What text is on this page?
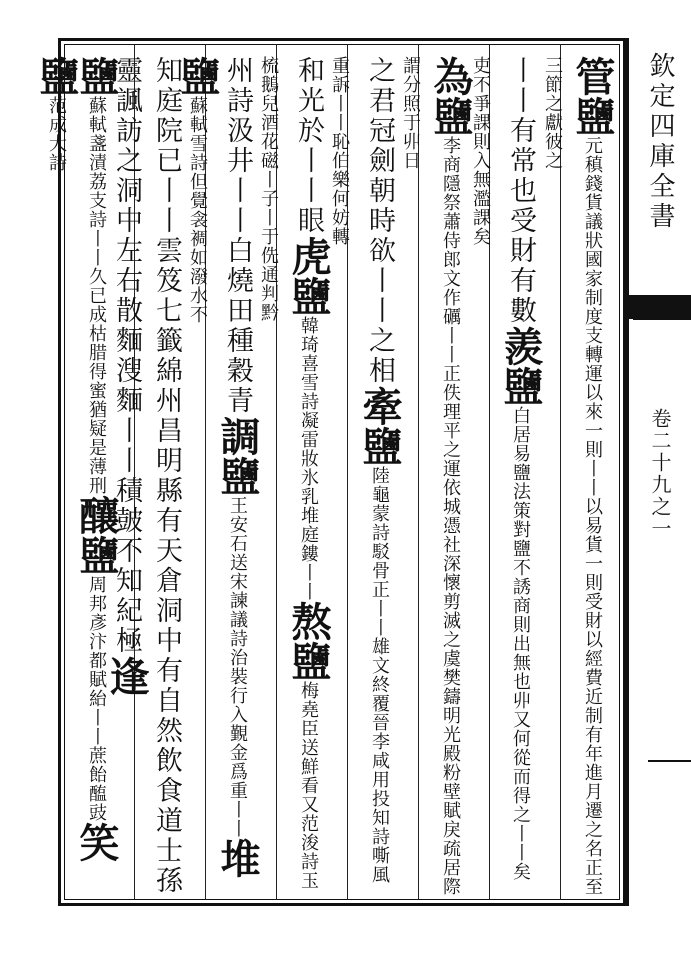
欽定四庫全書
卷二十九之一
管鹽元稹錢貨議狀國家制度支轉運以來一則丨丨以易貨一則受財以經費近制有年進月遷之名正至三節之獻彼之
丨丨有常也受財有數羨鹽白居易鹽法策對鹽不誘商則出無也丱又何從而得之丨丨矣吏不爭課則入無濫課矣
為鹽李商隱祭蕭侍郎文作礪丨丨正佚理平之運依城憑社深懷剪滅之虞樊鑄明光殿粉壁賦戾疏居際謂分照于丱日
之君冠劍朝時欲丨丨之相牽鹽陸龜蒙詩駁骨正丨丨雄文終覆晉李咸用投知詩嘶風重訴丨丨恥伯樂何妨轉
和光於丨丨眼虎鹽韓琦喜雪詩凝雷妝氷乳堆庭鏤丨丨熬鹽梅堯臣送鮮看又范浚詩玉梳鵝兒酒花磁丨子丨于侁通判黔
州詩汲井丨丨白燒田種穀青調鹽王安石送宋諫議詩治裝行入覲金爲重丨丨堆鹽蘇軾雪詩但覺衾裯如潑水不
知庭院已丨丨雲笈七籤綿州昌明縣有天倉洞中有自然飲食道士孫靈諷訪之洞中左右散麵溲麵丨丨積皷不知紀極逢
鹽蘇軾盞漬荔支詩丨丨久已成枯腊得蜜猶疑是薄刑釀鹽周邦彥汴都賦紿丨丨蔗飴醢豉笑鹽范成大詩
